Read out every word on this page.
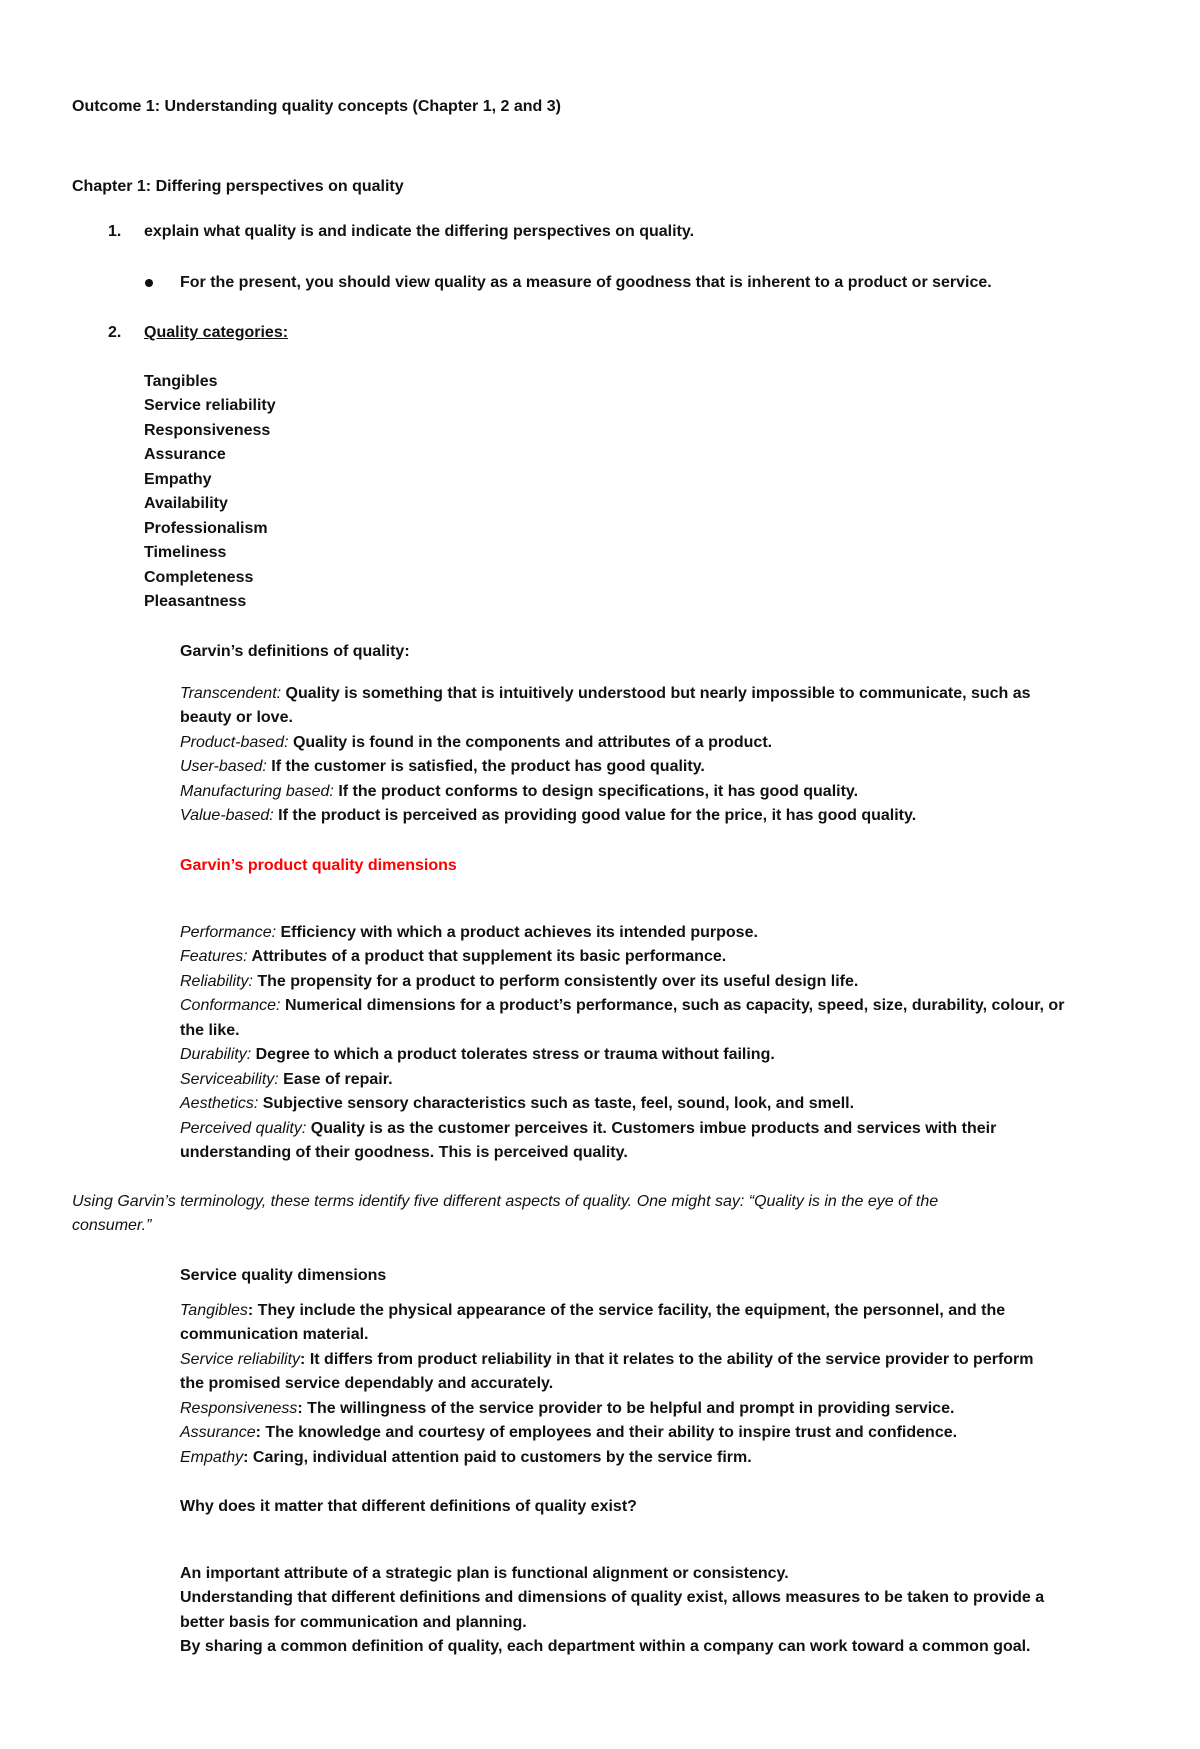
Outcome 1: Understanding quality concepts (Chapter 1, 2 and 3)
Chapter 1: Differing perspectives on quality
1. explain what quality is and indicate the differing perspectives on quality.
For the present, you should view quality as a measure of goodness that is inherent to a product or service.
2. Quality categories:
Tangibles
Service reliability
Responsiveness
Assurance
Empathy
Availability
Professionalism
Timeliness
Completeness
Pleasantness
Garvin’s definitions of quality:
Transcendent: Quality is something that is intuitively understood but nearly impossible to communicate, such as
beauty or love.
Product-based: Quality is found in the components and attributes of a product.
User-based: If the customer is satisfied, the product has good quality.
Manufacturing based: If the product conforms to design specifications, it has good quality.
Value-based: If the product is perceived as providing good value for the price, it has good quality.
Garvin’s product quality dimensions
Performance: Efficiency with which a product achieves its intended purpose.
Features: Attributes of a product that supplement its basic performance.
Reliability: The propensity for a product to perform consistently over its useful design life.
Conformance: Numerical dimensions for a product’s performance, such as capacity, speed, size, durability, colour, or
the like.
Durability: Degree to which a product tolerates stress or trauma without failing.
Serviceability: Ease of repair.
Aesthetics: Subjective sensory characteristics such as taste, feel, sound, look, and smell.
Perceived quality: Quality is as the customer perceives it. Customers imbue products and services with their
understanding of their goodness. This is perceived quality.
Using Garvin’s terminology, these terms identify five different aspects of quality. One might say: “Quality is in the eye of the
consumer.”
Service quality dimensions
Tangibles: They include the physical appearance of the service facility, the equipment, the personnel, and the
communication material.
Service reliability: It differs from product reliability in that it relates to the ability of the service provider to perform
the promised service dependably and accurately.
Responsiveness: The willingness of the service provider to be helpful and prompt in providing service.
Assurance: The knowledge and courtesy of employees and their ability to inspire trust and confidence.
Empathy: Caring, individual attention paid to customers by the service firm.
Why does it matter that different definitions of quality exist?
An important attribute of a strategic plan is functional alignment or consistency.
Understanding that different definitions and dimensions of quality exist, allows measures to be taken to provide a
better basis for communication and planning.
By sharing a common definition of quality, each department within a company can work toward a common goal.
